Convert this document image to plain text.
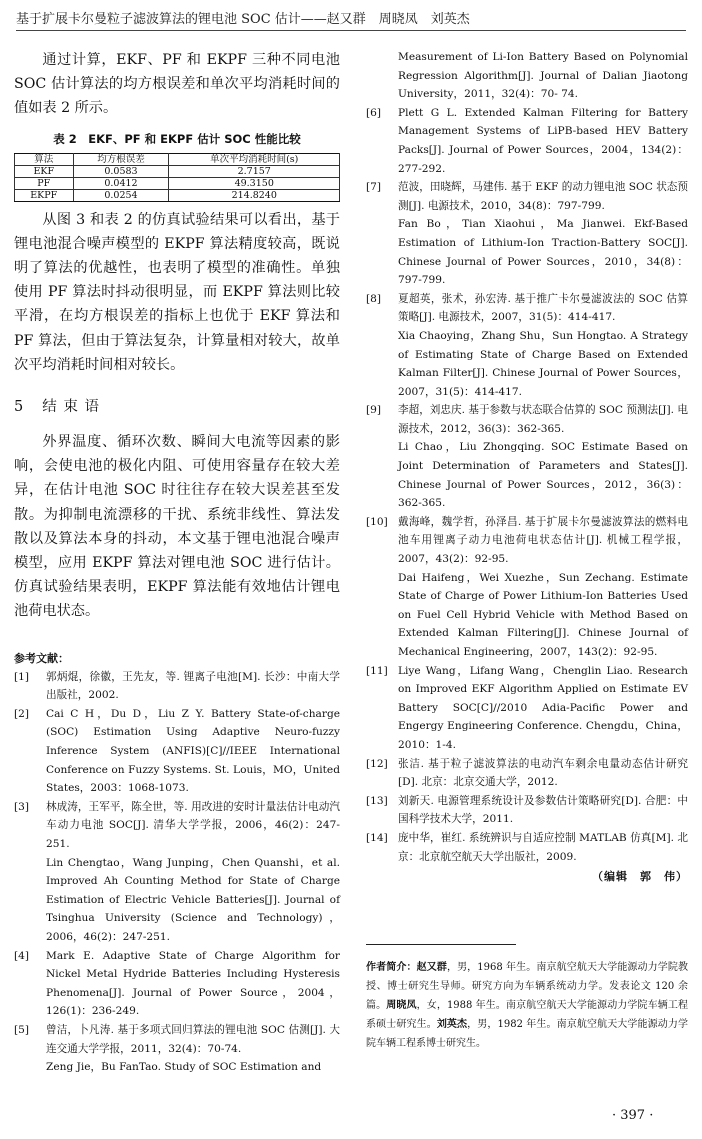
基于扩展卡尔曼粒子滤波算法的锂电池 SOC 估计——赵又群　周晓凤　刘英杰

通过计算，EKF、PF 和 EKPF 三种不同电池 SOC 估计算法的均方根误差和单次平均消耗时间的值如表 2 所示。

表 2　EKF、PF 和 EKPF 估计 SOC 性能比较
算法	均方根误差	单次平均消耗时间(s)
EKF	0.0583	2.7157
PF	0.0412	49.3150
EKPF	0.0254	214.8240

从图 3 和表 2 的仿真试验结果可以看出，基于锂电池混合噪声模型的 EKPF 算法精度较高，既说明了算法的优越性，也表明了模型的准确性。单独使用 PF 算法时抖动很明显，而 EKPF 算法则比较平滑，在均方根误差的指标上也优于 EKF 算法和 PF 算法，但由于算法复杂，计算量相对较大，故单次平均消耗时间相对较长。

5 结 束 语

外界温度、循环次数、瞬间大电流等因素的影响，会使电池的极化内阻、可使用容量存在较大差异，在估计电池 SOC 时往往存在较大误差甚至发散。为抑制电流漂移的干扰、系统非线性、算法发散以及算法本身的抖动，本文基于锂电池混合噪声模型，应用 EKPF 算法对锂电池 SOC 进行估计。仿真试验结果表明，EKPF 算法能有效地估计锂电池荷电状态。

参考文献：
[1]	郭炳焜，徐徽，王先友，等. 锂离子电池[M]. 长沙：中南大学出版社，2002.

[2]	Cai C H，Du D，Liu Z Y. Battery State-of-charge (SOC) Estimation Using Adaptive Neuro-fuzzy Inference System (ANFIS)[C]//IEEE International Conference on Fuzzy Systems. St. Louis，MO，United States，2003：1068-1073.

[3]	林成涛，王军平，陈全世，等. 用改进的安时计量法估计电动汽车动力电池 SOC[J]. 清华大学学报，2006，46(2)：247-251.

Lin Chengtao，Wang Junping，Chen Quanshi，et al. Improved Ah Counting Method for State of Charge Estimation of Electric Vehicle Batteries[J]. Journal of Tsinghua University (Science and Technology)，2006，46(2)：247-251.

[4]	Mark E. Adaptive State of Charge Algorithm for Nickel Metal Hydride Batteries Including Hysteresis Phenomena[J]. Journal of Power Source，2004，126(1)：236-249.

[5]	曾洁，卜凡涛. 基于多项式回归算法的锂电池 SOC 估测[J]. 大连交通大学学报，2011，32(4)：70-74.

Zeng Jie，Bu FanTao. Study of SOC Estimation and

Measurement of Li-Ion Battery Based on Polynomial Regression Algorithm[J]. Journal of Dalian Jiaotong University，2011，32(4)：70- 74.

[6]	Plett G L. Extended Kalman Filtering for Battery Management Systems of LiPB-based HEV Battery Packs[J]. Journal of Power Sources，2004，134(2)：277-292.

[7]	范波，田晓辉，马建伟. 基于 EKF 的动力锂电池 SOC 状态预测[J]. 电源技术，2010，34(8)：797-799.

Fan Bo，Tian Xiaohui，Ma Jianwei. Ekf-Based Estimation of Lithium-Ion Traction-Battery SOC[J]. Chinese Journal of Power Sources，2010，34(8)：797-799.

[8]	夏超英，张术，孙宏涛. 基于推广卡尔曼滤波法的 SOC 估算策略[J]. 电源技术，2007，31(5)：414-417.

Xia Chaoying，Zhang Shu，Sun Hongtao. A Strategy of Estimating State of Charge Based on Extended Kalman Filter[J]. Chinese Journal of Power Sources，2007，31(5)：414-417.

[9]	李超，刘忠庆. 基于参数与状态联合估算的 SOC 预测法[J]. 电源技术，2012，36(3)：362-365.

Li Chao，Liu Zhongqing. SOC Estimate Based on Joint Determination of Parameters and States[J]. Chinese Journal of Power Sources，2012，36(3)：362-365.

[10] 戴海峰，魏学哲，孙泽昌. 基于扩展卡尔曼滤波算法的燃料电池车用锂离子动力电池荷电状态估计[J]. 机械工程学报，2007，43(2)：92-95.

Dai Haifeng，Wei Xuezhe，Sun Zechang. Estimate State of Charge of Power Lithium-Ion Batteries Used on Fuel Cell Hybrid Vehicle with Method Based on Extended Kalman Filtering[J]. Chinese Journal of Mechanical Engineering，2007，143(2)：92-95.

[11] Liye Wang，Lifang Wang，Chenglin Liao. Research on Improved EKF Algorithm Applied on Estimate EV Battery SOC[C]//2010 Adia-Pacific Power and Engergy Engineering Conference. Chengdu，China，2010：1-4.

[12] 张洁. 基于粒子滤波算法的电动汽车剩余电量动态估计研究[D]. 北京：北京交通大学，2012.

[13] 刘新天. 电源管理系统设计及参数估计策略研究[D]. 合肥：中国科学技术大学，2011.

[14] 庞中华，崔红. 系统辨识与自适应控制 MATLAB 仿真[M]. 北京：北京航空航天大学出版社，2009.

（编辑　郭　伟）
作者简介：赵又群，男，1968 年生。南京航空航天大学能源动力学院教授、博士研究生导师。研究方向为车辆系统动力学。发表论文 120 余篇。周晓凤，女，1988 年生。南京航空航天大学能源动力学院车辆工程系硕士研究生。刘英杰，男，1982 年生。南京航空航天大学能源动力学院车辆工程系博士研究生。
· 397 ·
